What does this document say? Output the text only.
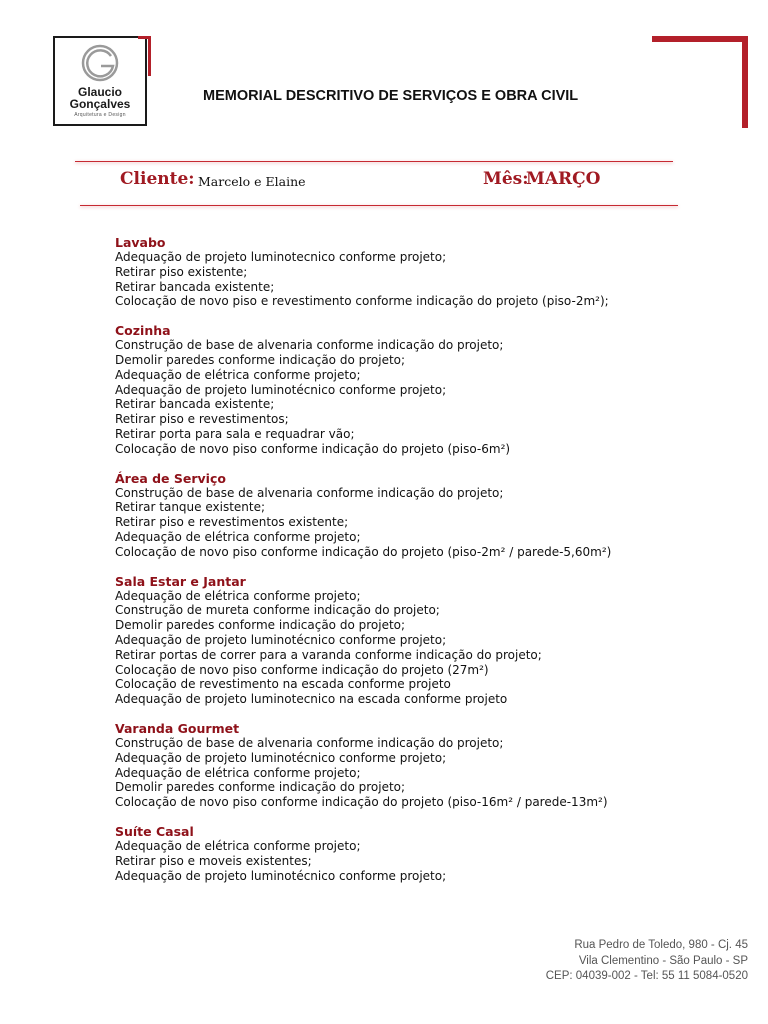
Glaucio
Gonçalves
Arquitetura e Design
MEMORIAL DESCRITIVO DE SERVIÇOS E OBRA CIVIL
Cliente: Marcelo e Elaine	Mês:
MARÇO
Lavabo
Adequação de projeto luminotecnico conforme projeto;
Retirar piso existente;
Retirar bancada existente;
Colocação de novo piso e revestimento conforme indicação do projeto (piso-2m²);
Cozinha
Construção de base de alvenaria conforme indicação do projeto;
Demolir paredes conforme indicação do projeto;
Adequação de elétrica conforme projeto;
Adequação de projeto luminotécnico conforme projeto;
Retirar bancada existente;
Retirar piso e revestimentos;
Retirar porta para sala e requadrar vão;
Colocação de novo piso conforme indicação do projeto (piso-6m²)
Área de Serviço
Construção de base de alvenaria conforme indicação do projeto;
Retirar tanque existente;
Retirar piso e revestimentos existente;
Adequação de elétrica conforme projeto;
Colocação de novo piso conforme indicação do projeto (piso-2m² / parede-5,60m²)
Sala Estar e Jantar
Adequação de elétrica conforme projeto;
Construção de mureta conforme indicação do projeto;
Demolir paredes conforme indicação do projeto;
Adequação de projeto luminotécnico conforme projeto;
Retirar portas de correr para a varanda conforme indicação do projeto;
Colocação de novo piso conforme indicação do projeto (27m²)
Colocação de revestimento na escada conforme projeto
Adequação de projeto luminotecnico na escada conforme projeto
Varanda Gourmet
Construção de base de alvenaria conforme indicação do projeto;
Adequação de projeto luminotécnico conforme projeto;
Adequação de elétrica conforme projeto;
Demolir paredes conforme indicação do projeto;
Colocação de novo piso conforme indicação do projeto (piso-16m² / parede-13m²)
Suíte Casal
Adequação de elétrica conforme projeto;
Retirar piso e moveis existentes;
Adequação de projeto luminotécnico conforme projeto;
Rua Pedro de Toledo, 980 - Cj. 45
Vila Clementino - São Paulo - SP
CEP: 04039-002 - Tel: 55 11 5084-0520
